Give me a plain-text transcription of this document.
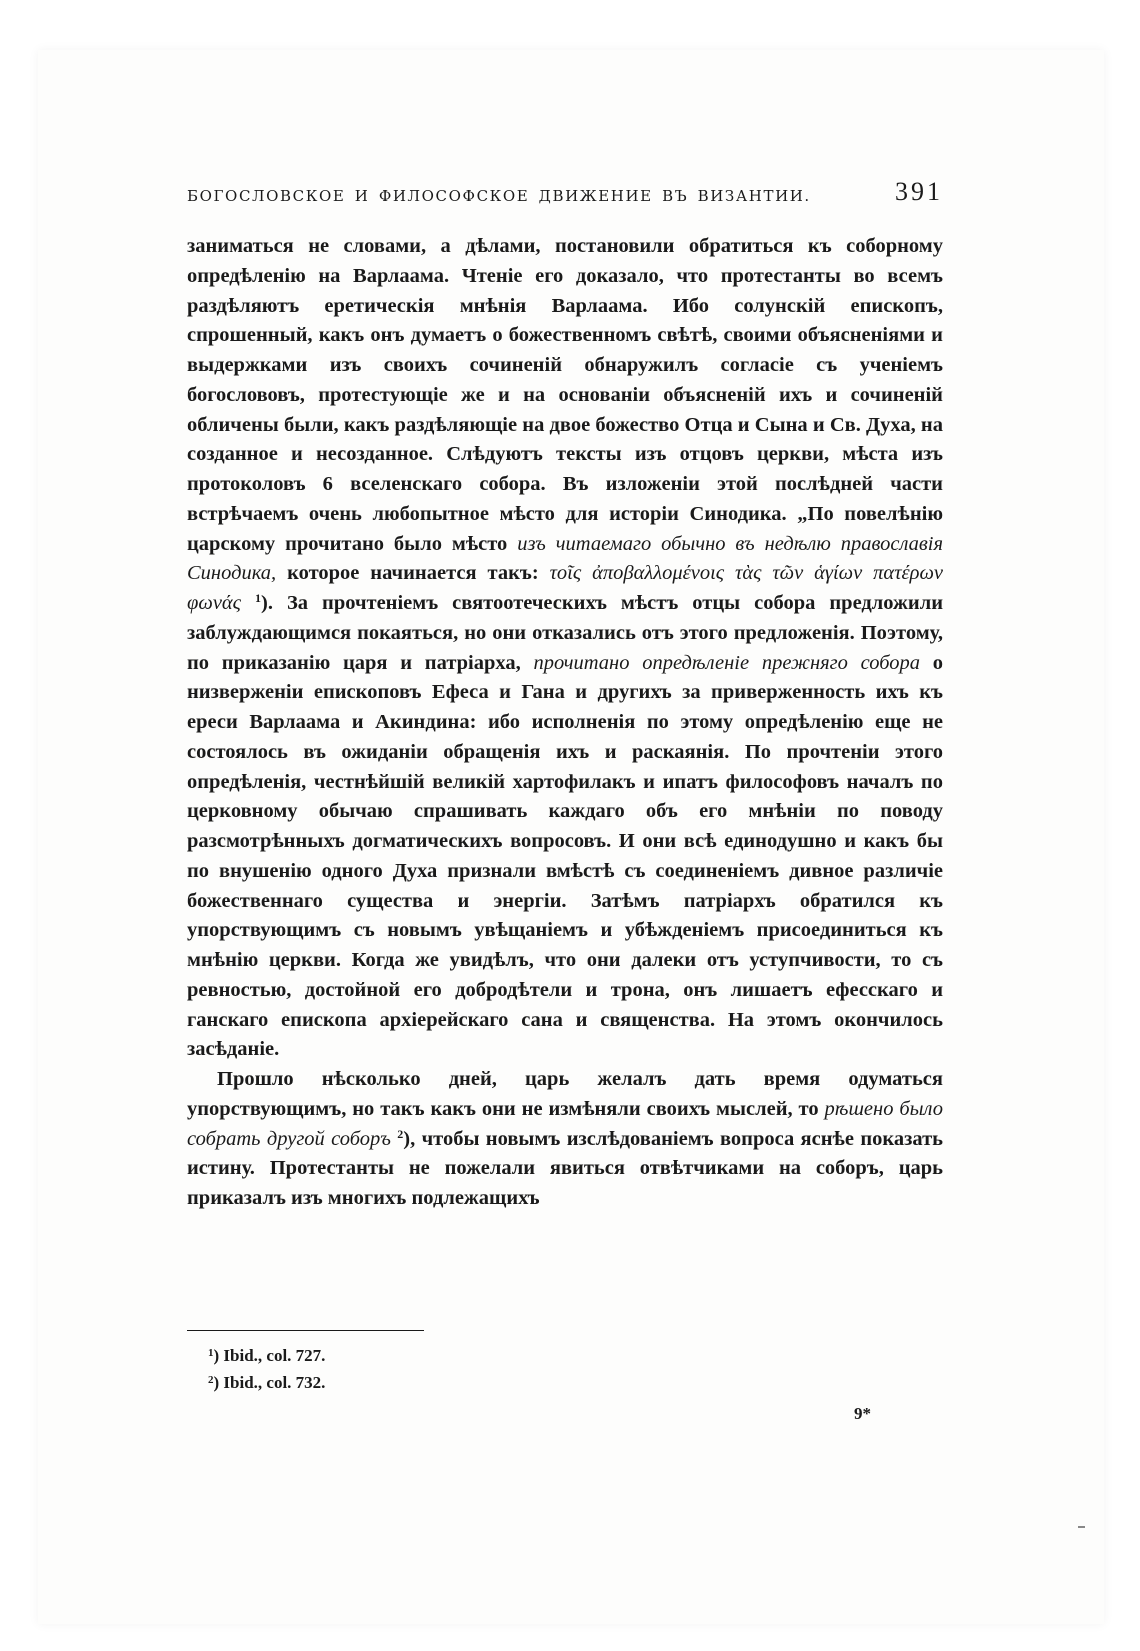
БОГОСЛОВСКОЕ И ФИЛОСОФСКОЕ ДВИЖЕНИЕ ВЪ ВИЗАНТИИ.	391

заниматься не словами, а дѣлами, постановили обратиться къ соборному опредѣленію на Варлаама. Чтеніе его доказало, что протестанты во всемъ раздѣляютъ еретическія мнѣнія Варлаама. Ибо солунскій епископъ, спрошенный, какъ онъ думаетъ о божественномъ свѣтѣ, своими объясненіями и выдержками изъ своихъ сочиненій обнаружилъ согласіе съ ученіемъ богослововъ, протестующіе же и на основаніи объясненій ихъ и сочиненій обличены были, какъ раздѣляющіе на двое божество Отца и Сына и Св. Духа, на созданное и несозданное. Слѣдуютъ тексты изъ отцовъ церкви, мѣста изъ протоколовъ 6 вселенскаго собора. Въ изложеніи этой послѣдней части встрѣчаемъ очень любопытное мѣсто для исторіи Синодика. „По повелѣнію царскому прочитано было мѣсто изъ читаемаго обычно въ недѣлю православія Синодика, которое начинается такъ: τοῖς ἀποβαλλομένοις τὰς τῶν ἁγίων πατέρων φωνάς $^1$). За прочтеніемъ святоотеческихъ мѣстъ отцы собора предложили заблуждающимся покаяться, но они отказались отъ этого предложенія. Поэтому, по приказанію царя и патріарха, прочитано опредѣленіе прежняго собора о низверженіи епископовъ Ефеса и Гана и другихъ за приверженность ихъ къ ереси Варлаама и Акиндина: ибо исполненія по этому опредѣленію еще не состоялось въ ожиданіи обращенія ихъ и раскаянія. По прочтеніи этого опредѣленія, честнѣйшій великій хартофилакъ и ипатъ философовъ началъ по церковному обычаю спрашивать каждаго объ его мнѣніи по поводу разсмотрѣнныхъ догматическихъ вопросовъ. И они всѣ единодушно и какъ бы по внушенію одного Духа признали вмѣстѣ съ соединеніемъ дивное различіе божественнаго существа и энергіи. Затѣмъ патріархъ обратился къ упорствующимъ съ новымъ увѣщаніемъ и убѣжденіемъ присоединиться къ мнѣнію церкви. Когда же увидѣлъ, что они далеки отъ уступчивости, то съ ревностью, достойной его добродѣтели и трона, онъ лишаетъ ефесскаго и ганскаго епископа архіерейскаго сана и священства. На этомъ окончилось засѣданіе.

Прошло нѣсколько дней, царь желалъ дать время одуматься упорствующимъ, но такъ какъ они не измѣняли своихъ мыслей, то рѣшено было собрать другой соборъ $^2$), чтобы новымъ изслѣдованіемъ вопроса яснѣе показать истину. Протестанты не пожелали явиться отвѣтчиками на соборъ, царь приказалъ изъ многихъ подлежащихъ

$^1$) Ibid., col. 727.
$^2$) Ibid., col. 732.
9*
